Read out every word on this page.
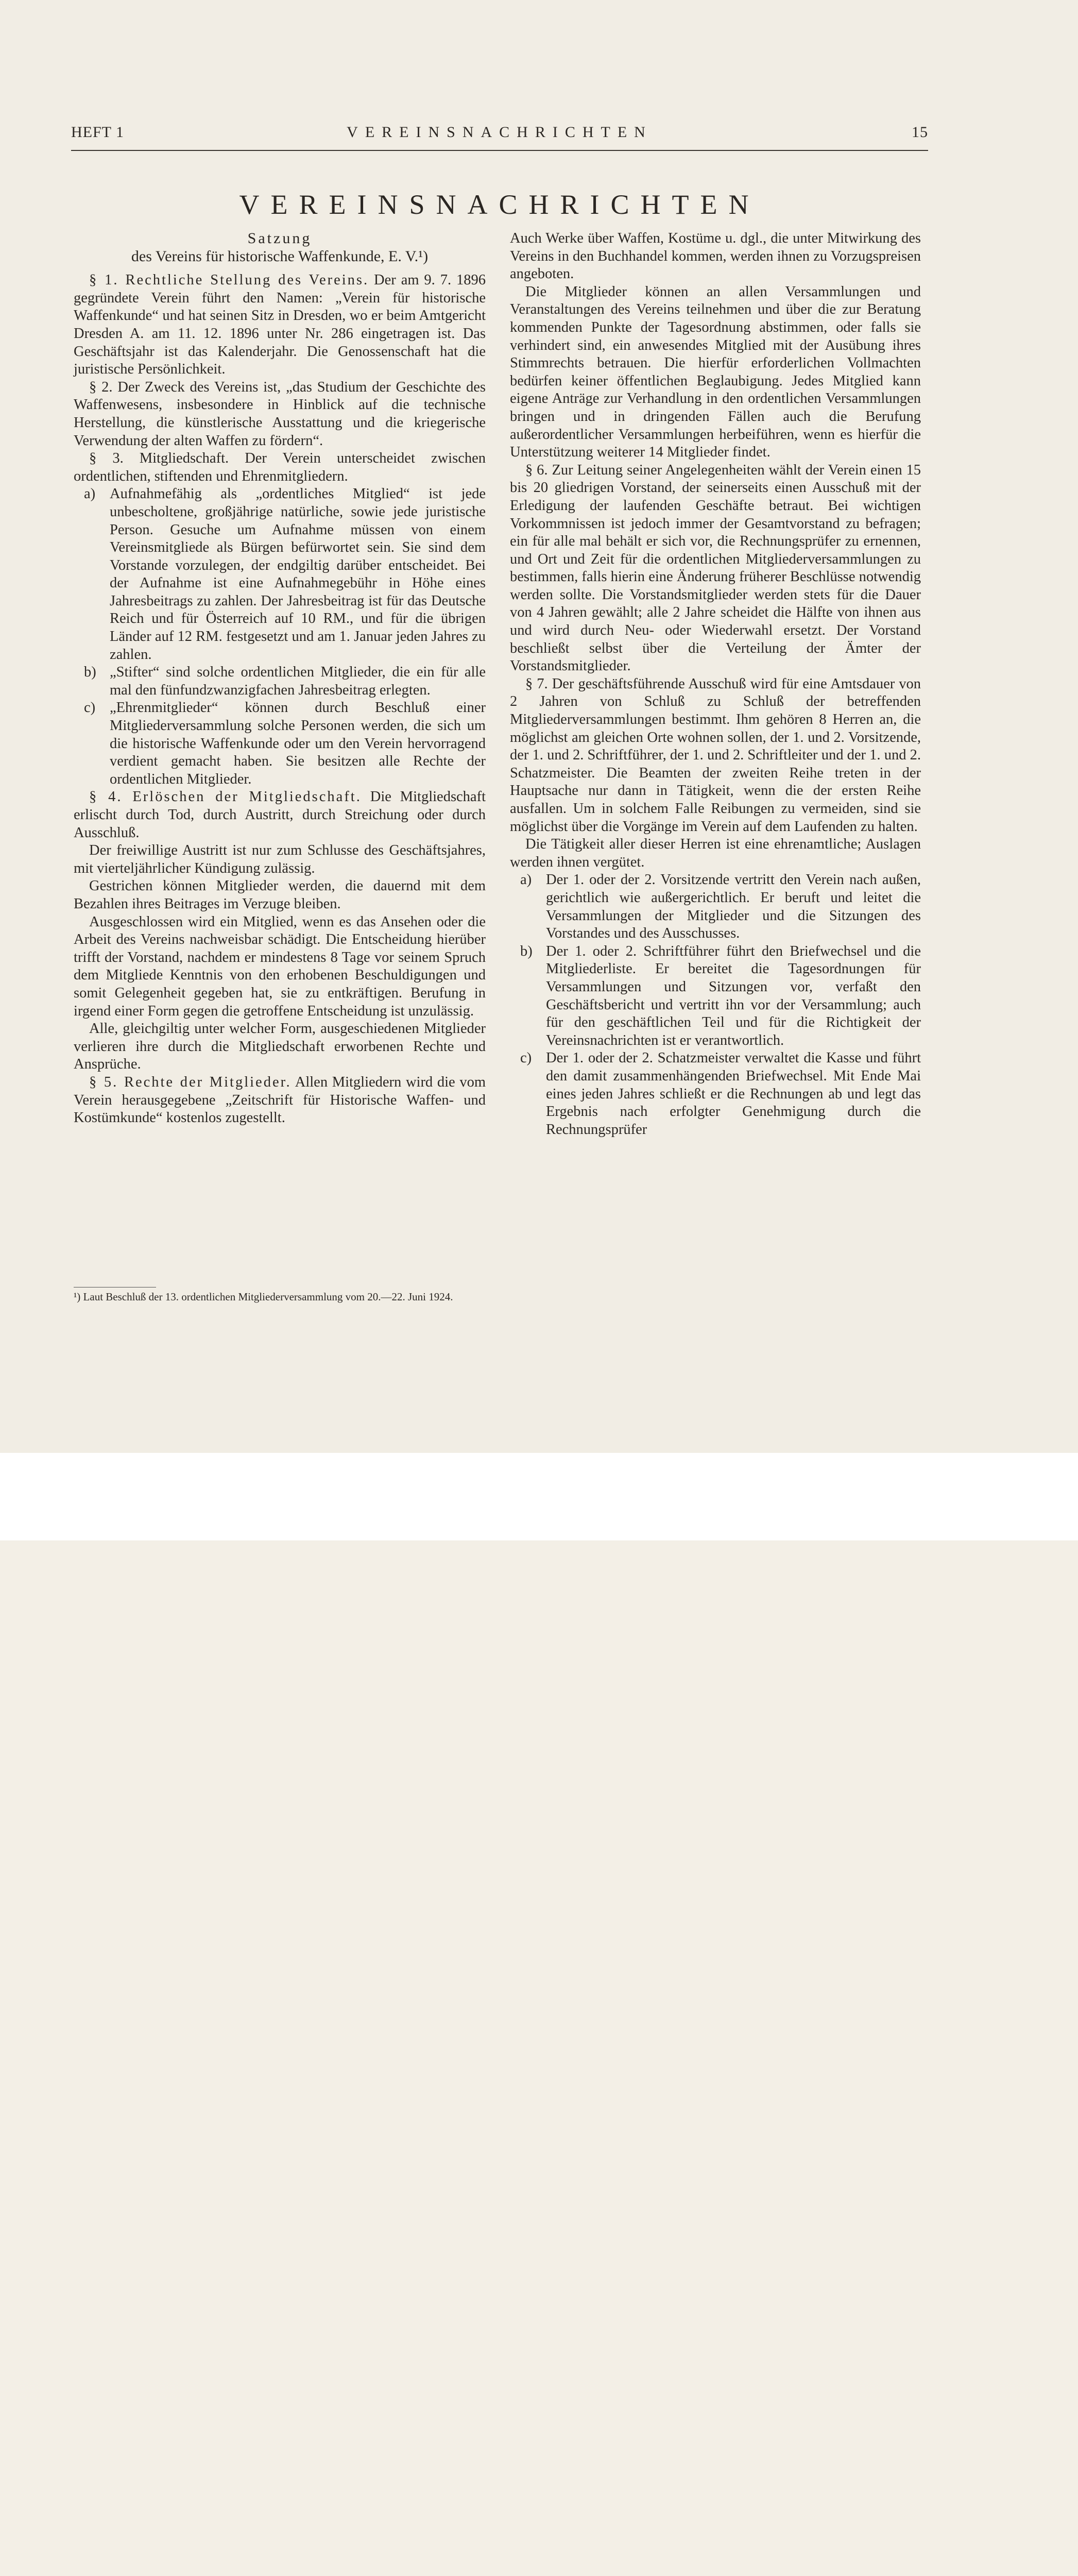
HEFT 1	VEREINSNACHRICHTEN	15
VEREINSNACHRICHTEN
Satzung
des Vereins für historische Waffenkunde, E. V.¹)

§ 1. Rechtliche Stellung des Vereins. Der am 9. 7. 1896 gegründete Verein führt den Namen: „Verein für historische Waffenkunde“ und hat seinen Sitz in Dresden, wo er beim Amtgericht Dresden A. am 11. 12. 1896 unter Nr. 286 eingetragen ist. Das Geschäftsjahr ist das Kalenderjahr. Die Genossenschaft hat die juristische Persönlichkeit.

§ 2. Der Zweck des Vereins ist, „das Studium der Geschichte des Waffenwesens, insbesondere in Hinblick auf die technische Herstellung, die künstlerische Ausstattung und die kriegerische Verwendung der alten Waffen zu fördern“.

§ 3. Mitgliedschaft. Der Verein unterscheidet zwischen ordentlichen, stiftenden und Ehrenmitgliedern.

a) Aufnahmefähig als „ordentliches Mitglied“ ist jede unbescholtene, großjährige natürliche, sowie jede juristische Person. Gesuche um Aufnahme müssen von einem Vereinsmitgliede als Bürgen befürwortet sein. Sie sind dem Vorstande vorzulegen, der endgiltig darüber entscheidet. Bei der Aufnahme ist eine Aufnahmegebühr in Höhe eines Jahresbeitrags zu zahlen. Der Jahresbeitrag ist für das Deutsche Reich und für Österreich auf 10 RM., und für die übrigen Länder auf 12 RM. festgesetzt und am 1. Januar jeden Jahres zu zahlen.
b) „Stifter“ sind solche ordentlichen Mitglieder, die ein für alle mal den fünfundzwanzigfachen Jahresbeitrag erlegten.
c) „Ehrenmitglieder“ können durch Beschluß einer Mitgliederversammlung solche Personen werden, die sich um die historische Waffenkunde oder um den Verein hervorragend verdient gemacht haben. Sie besitzen alle Rechte der ordentlichen Mitglieder.

§ 4. Erlöschen der Mitgliedschaft. Die Mitgliedschaft erlischt durch Tod, durch Austritt, durch Streichung oder durch Ausschluß.

Der freiwillige Austritt ist nur zum Schlusse des Geschäftsjahres, mit vierteljährlicher Kündigung zulässig.

Gestrichen können Mitglieder werden, die dauernd mit dem Bezahlen ihres Beitrages im Verzuge bleiben.

Ausgeschlossen wird ein Mitglied, wenn es das Ansehen oder die Arbeit des Vereins nachweisbar schädigt. Die Entscheidung hierüber trifft der Vorstand, nachdem er mindestens 8 Tage vor seinem Spruch dem Mitgliede Kenntnis von den erhobenen Beschuldigungen und somit Gelegenheit gegeben hat, sie zu entkräftigen. Berufung in irgend einer Form gegen die getroffene Entscheidung ist unzulässig.

Alle, gleichgiltig unter welcher Form, ausgeschiedenen Mitglieder verlieren ihre durch die Mitgliedschaft erworbenen Rechte und Ansprüche.

§ 5. Rechte der Mitglieder. Allen Mitgliedern wird die vom Verein herausgegebene „Zeitschrift für Historische Waffen- und Kostümkunde“ kostenlos zugestellt.

¹) Laut Beschluß der 13. ordentlichen Mitgliederversammlung vom 20.—22. Juni 1924.

Auch Werke über Waffen, Kostüme u. dgl., die unter Mitwirkung des Vereins in den Buchhandel kommen, werden ihnen zu Vorzugspreisen angeboten.

Die Mitglieder können an allen Versammlungen und Veranstaltungen des Vereins teilnehmen und über die zur Beratung kommenden Punkte der Tagesordnung abstimmen, oder falls sie verhindert sind, ein anwesendes Mitglied mit der Ausübung ihres Stimmrechts betrauen. Die hierfür erforderlichen Vollmachten bedürfen keiner öffentlichen Beglaubigung. Jedes Mitglied kann eigene Anträge zur Verhandlung in den ordentlichen Versammlungen bringen und in dringenden Fällen auch die Berufung außerordentlicher Versammlungen herbeiführen, wenn es hierfür die Unterstützung weiterer 14 Mitglieder findet.

§ 6. Zur Leitung seiner Angelegenheiten wählt der Verein einen 15 bis 20 gliedrigen Vorstand, der seinerseits einen Ausschuß mit der Erledigung der laufenden Geschäfte betraut. Bei wichtigen Vorkommnissen ist jedoch immer der Gesamtvorstand zu befragen; ein für alle mal behält er sich vor, die Rechnungsprüfer zu ernennen, und Ort und Zeit für die ordentlichen Mitgliederversammlungen zu bestimmen, falls hierin eine Änderung früherer Beschlüsse notwendig werden sollte. Die Vorstandsmitglieder werden stets für die Dauer von 4 Jahren gewählt; alle 2 Jahre scheidet die Hälfte von ihnen aus und wird durch Neu- oder Wiederwahl ersetzt. Der Vorstand beschließt selbst über die Verteilung der Ämter der Vorstandsmitglieder.

§ 7. Der geschäftsführende Ausschuß wird für eine Amtsdauer von 2 Jahren von Schluß zu Schluß der betreffenden Mitgliederversammlungen bestimmt. Ihm gehören 8 Herren an, die möglichst am gleichen Orte wohnen sollen, der 1. und 2. Vorsitzende, der 1. und 2. Schriftführer, der 1. und 2. Schriftleiter und der 1. und 2. Schatzmeister. Die Beamten der zweiten Reihe treten in der Hauptsache nur dann in Tätigkeit, wenn die der ersten Reihe ausfallen. Um in solchem Falle Reibungen zu vermeiden, sind sie möglichst über die Vorgänge im Verein auf dem Laufenden zu halten.

Die Tätigkeit aller dieser Herren ist eine ehrenamtliche; Auslagen werden ihnen vergütet.

a) Der 1. oder der 2. Vorsitzende vertritt den Verein nach außen, gerichtlich wie außergerichtlich. Er beruft und leitet die Versammlungen der Mitglieder und die Sitzungen des Vorstandes und des Ausschusses.
b) Der 1. oder 2. Schriftführer führt den Briefwechsel und die Mitgliederliste. Er bereitet die Tagesordnungen für Versammlungen und Sitzungen vor, verfaßt den Geschäftsbericht und vertritt ihn vor der Versammlung; auch für den geschäftlichen Teil und für die Richtigkeit der Vereinsnachrichten ist er verantwortlich.
c) Der 1. oder der 2. Schatzmeister verwaltet die Kasse und führt den damit zusammenhängenden Briefwechsel. Mit Ende Mai eines jeden Jahres schließt er die Rechnungen ab und legt das Ergebnis nach erfolgter Genehmigung durch die Rechnungsprüfer
